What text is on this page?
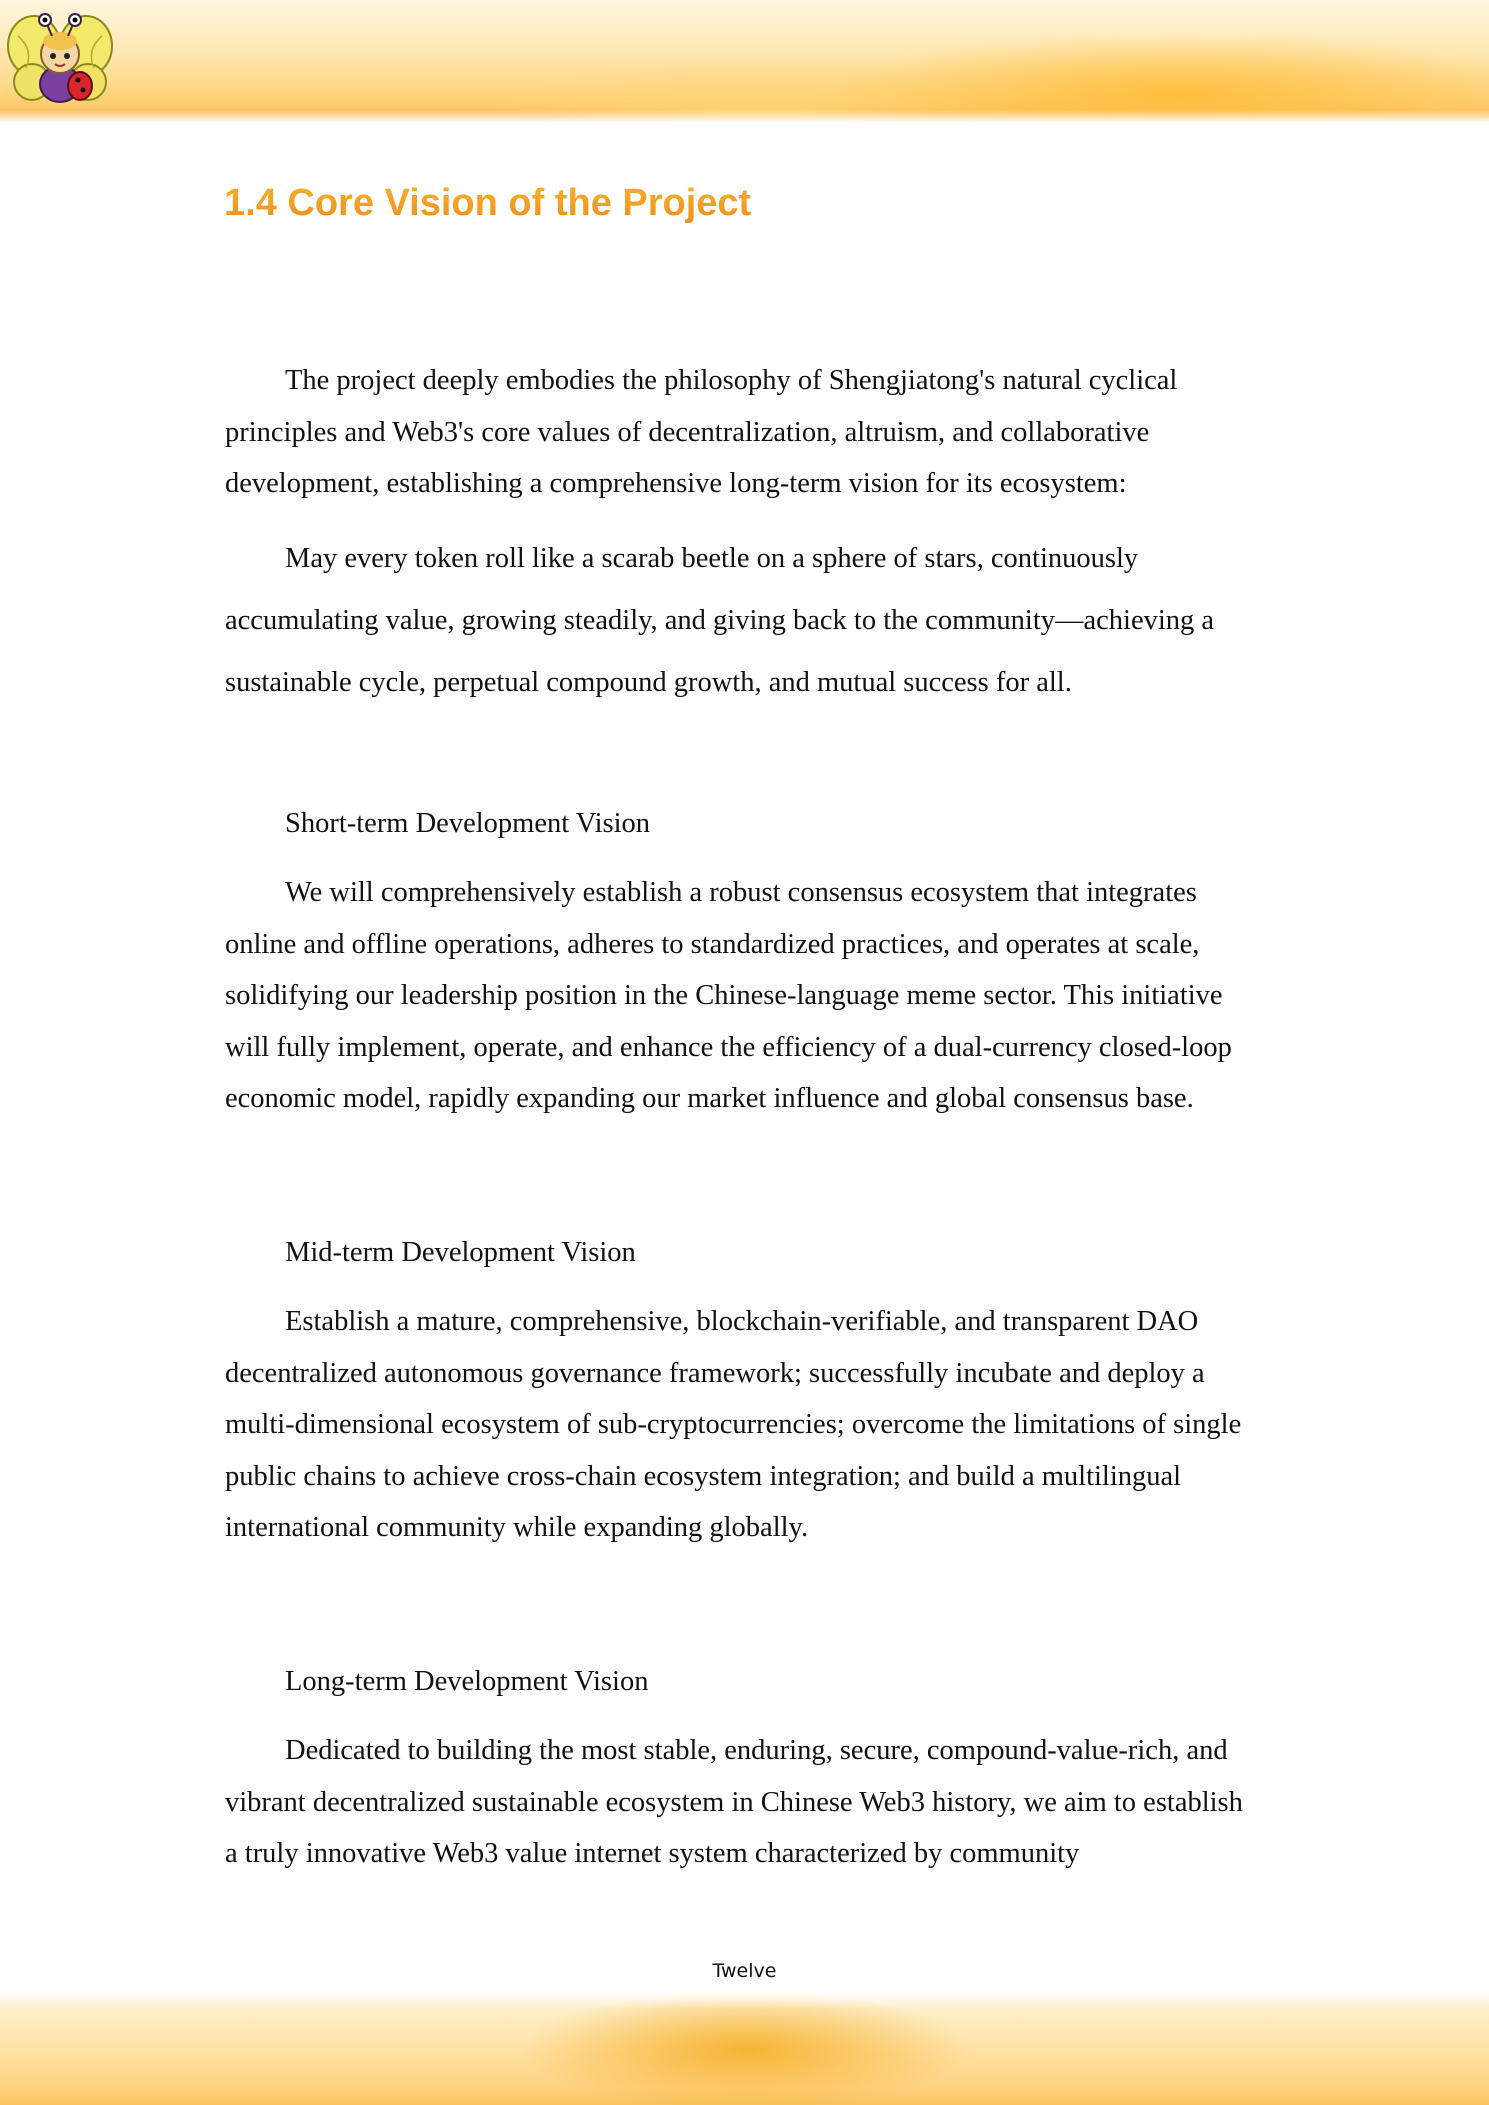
1.4 Core Vision of the Project

The project deeply embodies the philosophy of Shengjiatong's natural cyclical principles and Web3's core values of decentralization, altruism, and collaborative development, establishing a comprehensive long-term vision for its ecosystem:

May every token roll like a scarab beetle on a sphere of stars, continuously accumulating value, growing steadily, and giving back to the community—achieving a sustainable cycle, perpetual compound growth, and mutual success for all.

Short-term Development Vision

We will comprehensively establish a robust consensus ecosystem that integrates online and offline operations, adheres to standardized practices, and operates at scale, solidifying our leadership position in the Chinese-language meme sector. This initiative will fully implement, operate, and enhance the efficiency of a dual-currency closed-loop economic model, rapidly expanding our market influence and global consensus base.

Mid-term Development Vision

Establish a mature, comprehensive, blockchain-verifiable, and transparent DAO decentralized autonomous governance framework; successfully incubate and deploy a multi-dimensional ecosystem of sub-cryptocurrencies; overcome the limitations of single public chains to achieve cross-chain ecosystem integration; and build a multilingual international community while expanding globally.

Long-term Development Vision

Dedicated to building the most stable, enduring, secure, compound-value-rich, and vibrant decentralized sustainable ecosystem in Chinese Web3 history, we aim to establish a truly innovative Web3 value internet system characterized by community

Twelve
